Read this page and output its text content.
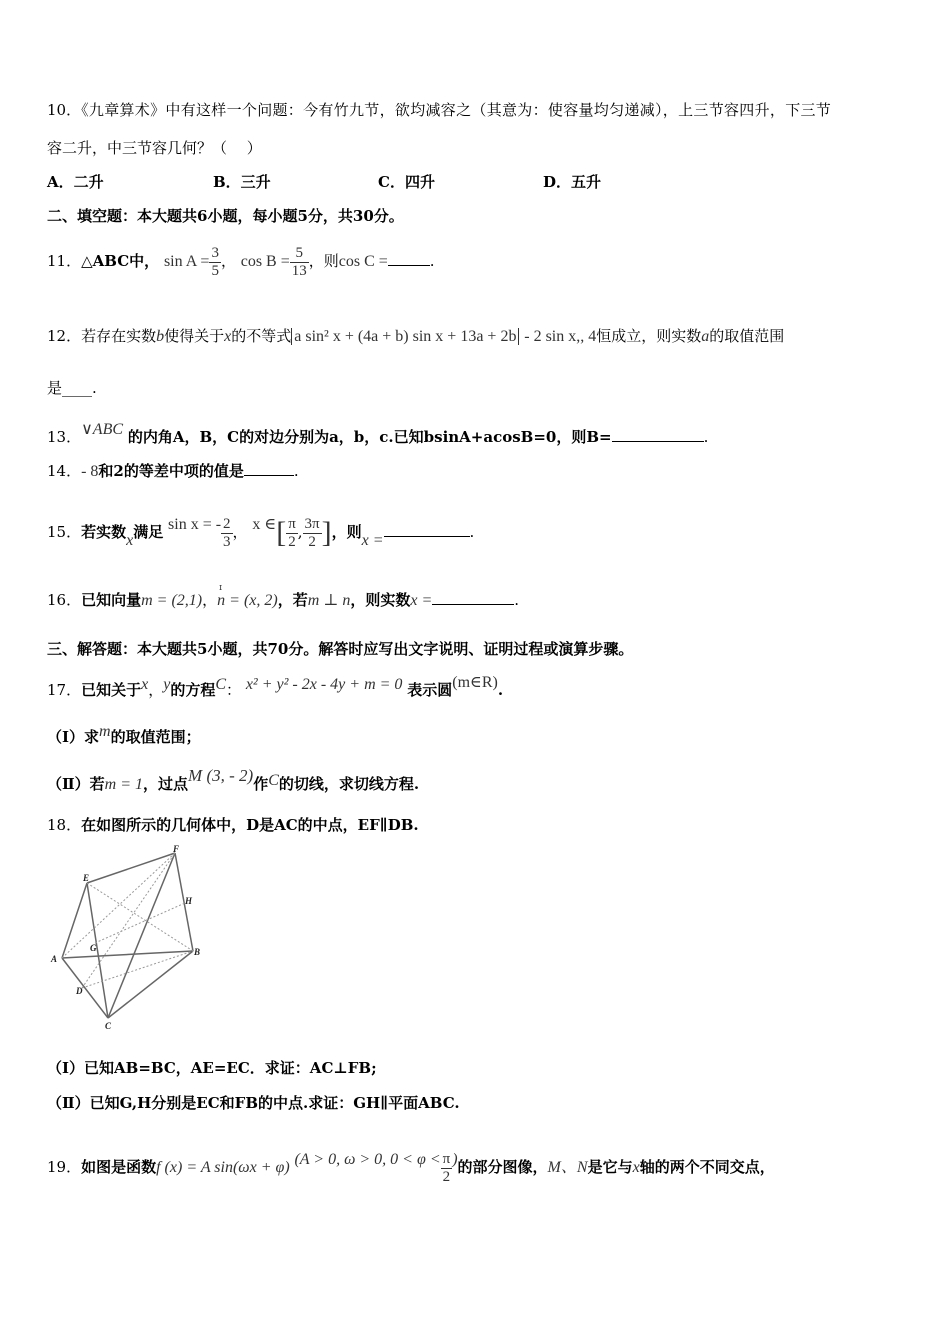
10．《九章算术》中有这样一个问题：今有竹九节，欲均减容之（其意为：使容量均匀递减），上三节容四升，下三节
容二升，中三节容几何？（　 ）
A．二升	B．三升	C．四升	D．五升
二、填空题：本大题共6小题，每小题5分，共30分。
11．△ABC中， $\sin A = \frac{3}{5}$ ， $\cos B = \frac{5}{13}$ ，则cos C =	.
12．若存在实数b使得关于x的不等式 a sin² x + (4a + b) sin x + 13a + 2b - 2 sin x,, 4恒成立，则实数a的取值范围
是____.
13．∨ABC 的内角A，B，C的对边分别为a，b，c.已知bsinA+acosB=0，则B=	.
14．- 8和2的等差中项的值是	.
15．若实数x满足 sin x = - $\frac{2}{3}$ ， x ∈[ $\frac{\pi}{2}$ , $\frac{3\pi}{2}$ ]，则x =	.
16．已知向量m = (2,1)，
ɪ
n = (x, 2)，若m ⊥ n，则实数x =	.
三、解答题：本大题共5小题，共70分。解答时应写出文字说明、证明过程或演算步骤。
17．已知关于x，y的方程C： x² + y² - 2x - 4y + m = 0 表示圆(m∈R).
（Ⅰ）求m的取值范围；
（Ⅱ）若m = 1，过点M (3, - 2)作C的切线，求切线方程.
18．在如图所示的几何体中，D是AC的中点，EF∥DB.
F
E
H
G
A
B
D
C
（Ⅰ）已知AB=BC，AE=EC．求证：AC⊥FB;
（Ⅱ）已知G,H分别是EC和FB的中点.求证：GH∥平面ABC.
19．如图是函数f (x) = A sin(ωx + φ) (A > 0, ω > 0, $0 < \varphi < \frac{\pi}{2}$ )的部分图像，M、N是它与x轴的两个不同交点，
